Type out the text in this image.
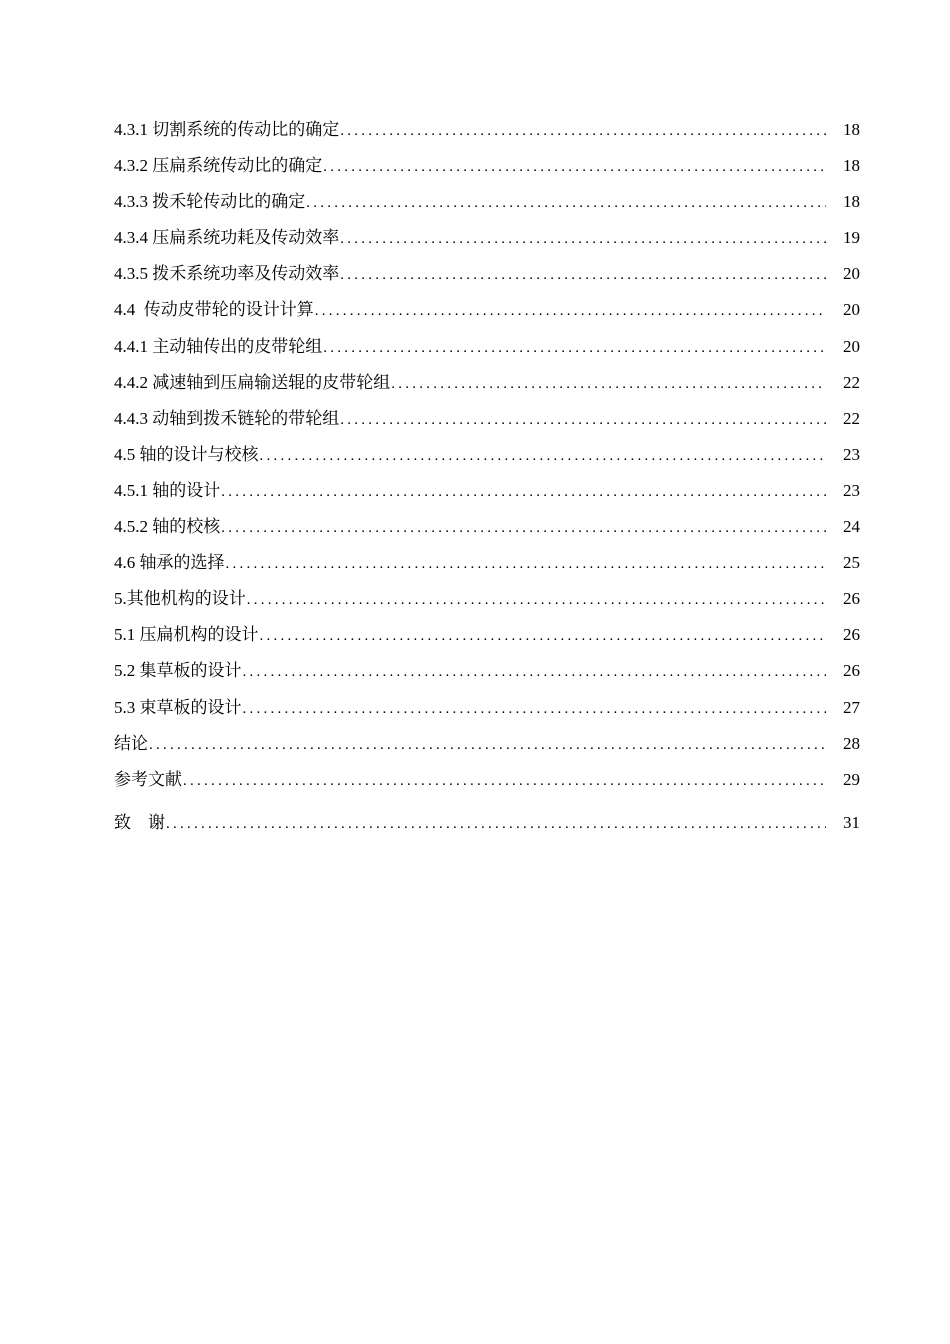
4.3.1 切割系统的传动比的确定 . . .	18
4.3.2 压扁系统传动比的确定 . . .	18
4.3.3 拨禾轮传动比的确定 . . .	18
4.3.4 压扁系统功耗及传动效率 . . .	19
4.3.5 拨禾系统功率及传动效率 . . .	20
4.4  传动皮带轮的设计计算 . . .	20
4.4.1 主动轴传出的皮带轮组 . . .	20
4.4.2 减速轴到压扁输送辊的皮带轮组 . . .	22
4.4.3 动轴到拨禾链轮的带轮组 . . .	22
4.5 轴的设计与校核 . . .	23
4.5.1 轴的设计 . . .	23
4.5.2 轴的校核 . . .	24
4.6 轴承的选择 . . .	25
5.其他机构的设计 . . .	26
5.1 压扁机构的设计 . . .	26
5.2 集草板的设计 . . .	26
5.3 束草板的设计 . . .	27
结论 . . .	28
参考文献 . . .	29
致    谢 . . .	31
